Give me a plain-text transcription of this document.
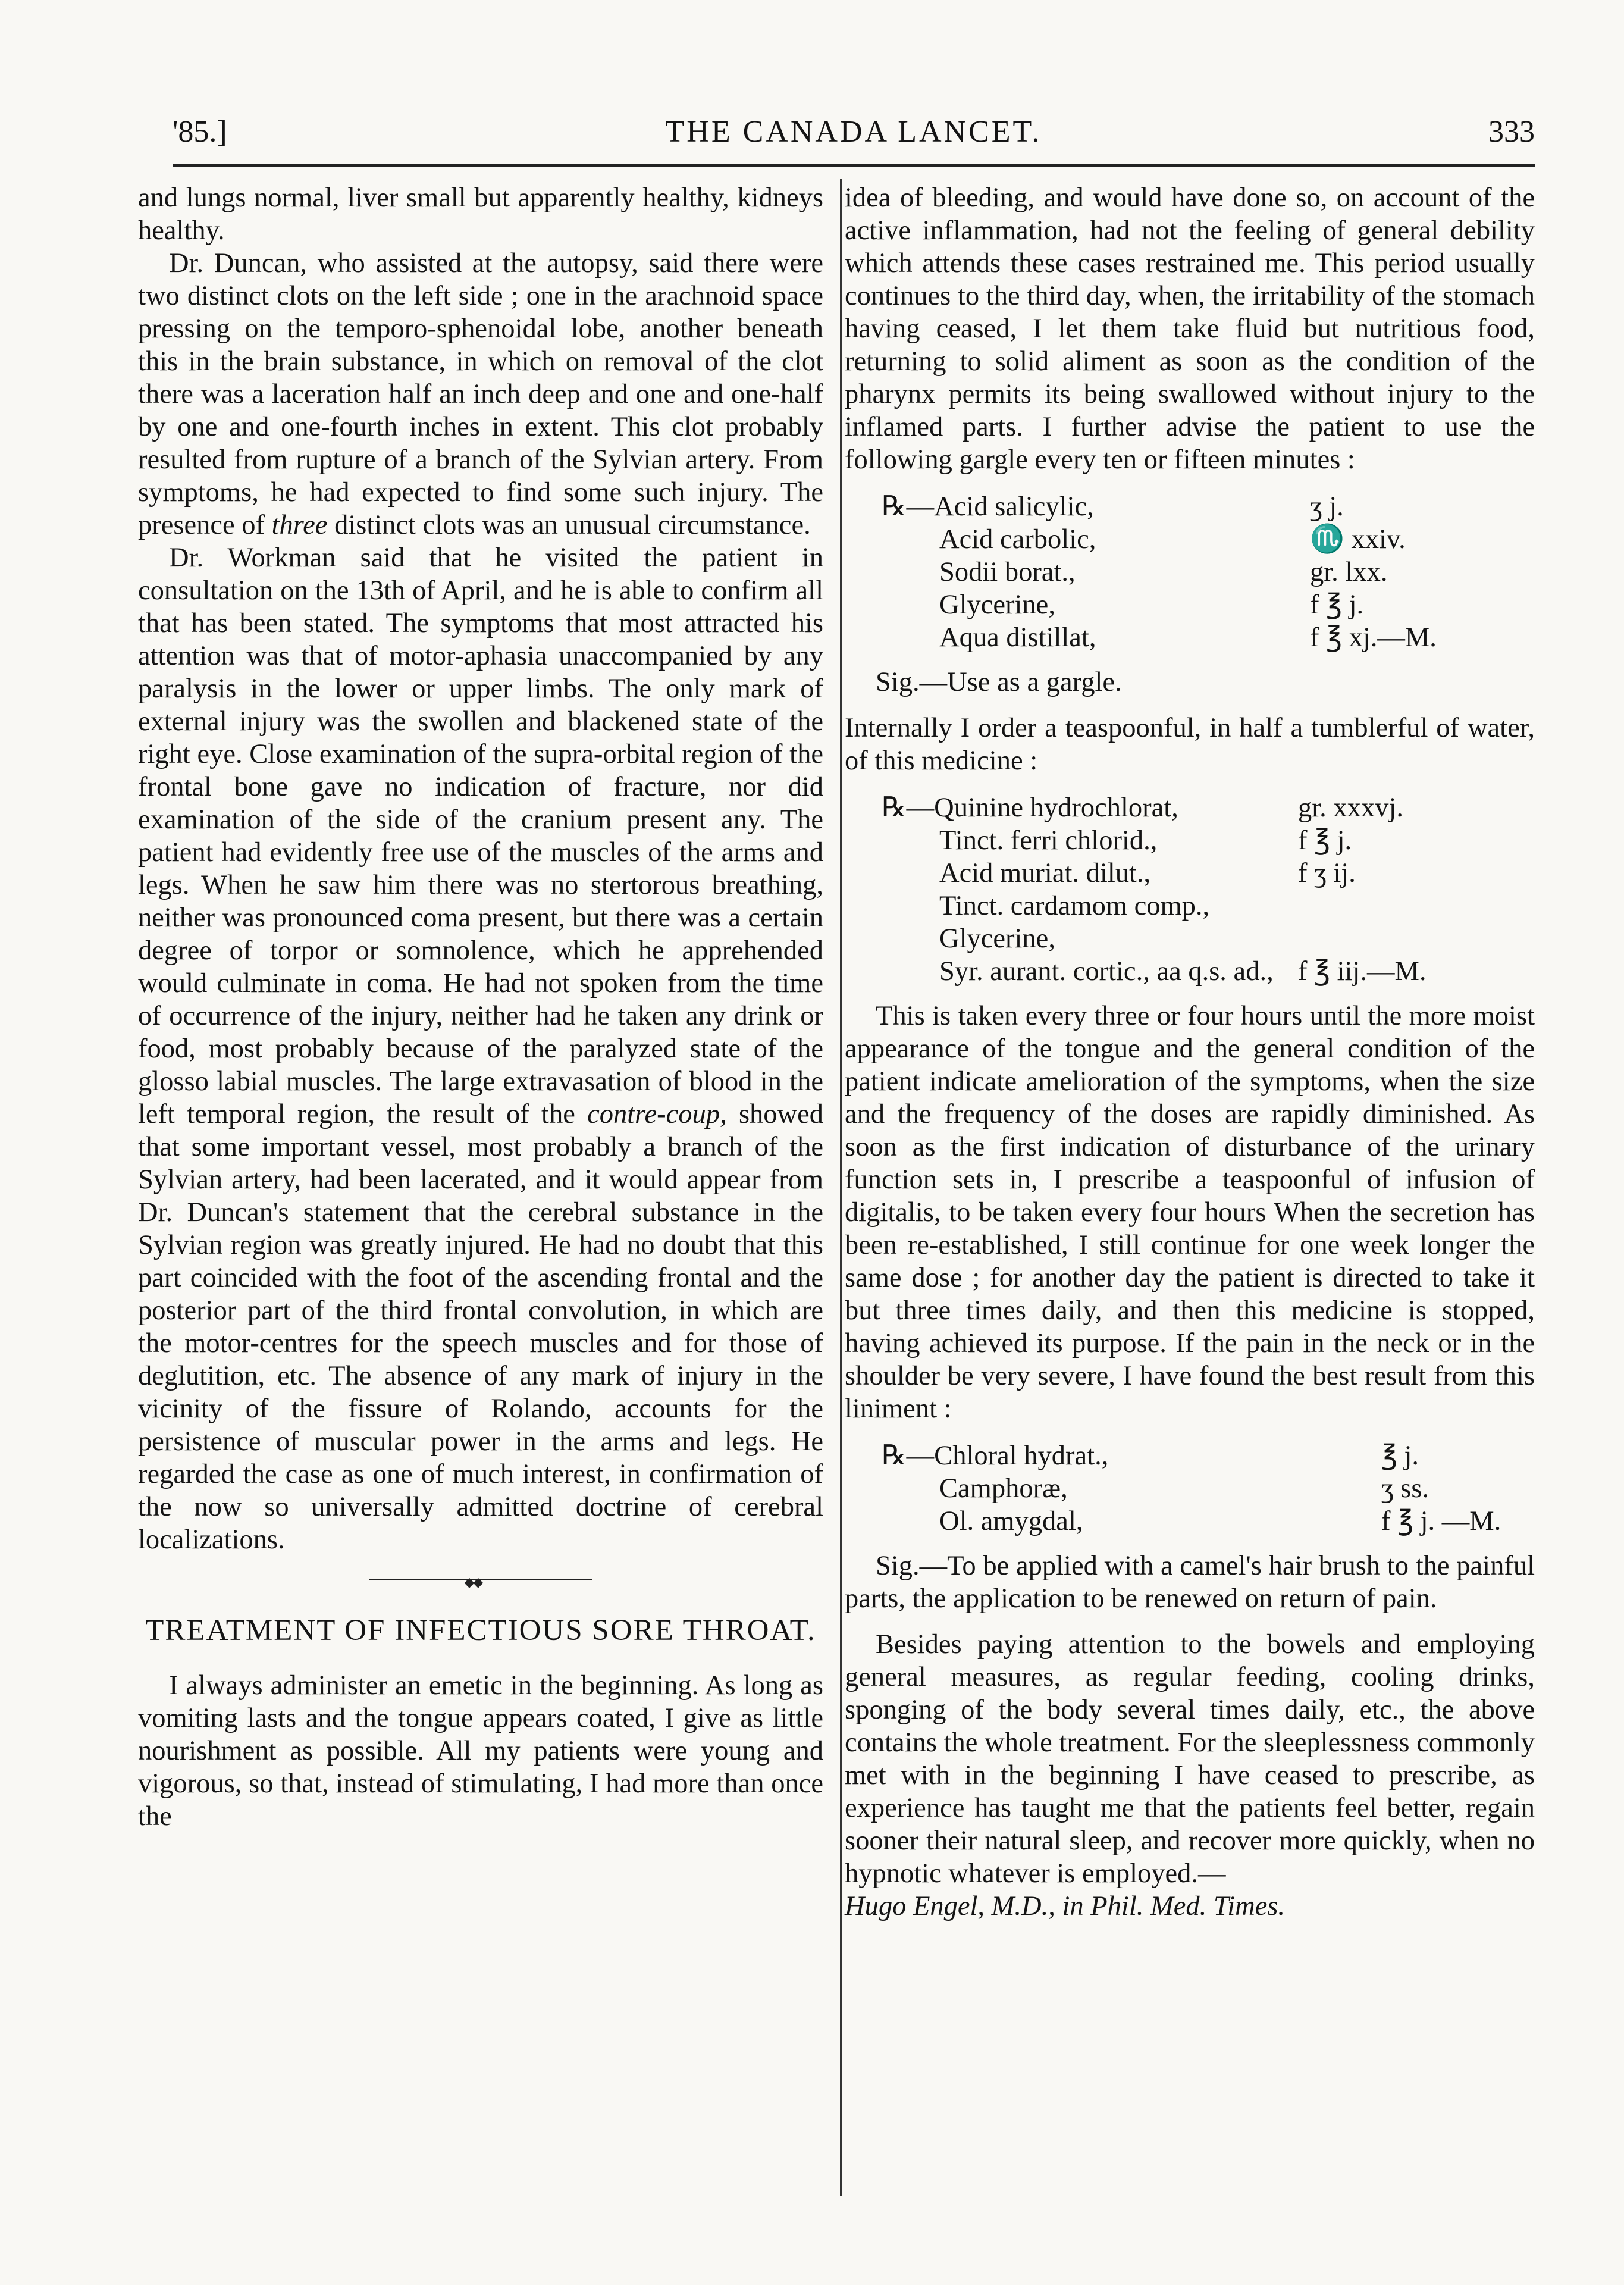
'85.]	THE CANADA LANCET.	333

and lungs normal, liver small but apparently healthy, kidneys healthy.

Dr. Duncan, who assisted at the autopsy, said there were two distinct clots on the left side ; one in the arachnoid space pressing on the temporo-sphenoidal lobe, another beneath this in the brain substance, in which on removal of the clot there was a laceration half an inch deep and one and one-half by one and one-fourth inches in extent. This clot probably resulted from rupture of a branch of the Sylvian artery. From symptoms, he had expected to find some such injury. The presence of three distinct clots was an unusual circumstance.

Dr. Workman said that he visited the patient in consultation on the 13th of April, and he is able to confirm all that has been stated. The symptoms that most attracted his attention was that of motor-aphasia unaccompanied by any paralysis in the lower or upper limbs. The only mark of external injury was the swollen and blackened state of the right eye. Close examination of the supra-orbital region of the frontal bone gave no indication of fracture, nor did examination of the side of the cranium present any. The patient had evidently free use of the muscles of the arms and legs. When he saw him there was no stertorous breathing, neither was pronounced coma present, but there was a certain degree of torpor or somnolence, which he apprehended would culminate in coma. He had not spoken from the time of occurrence of the injury, neither had he taken any drink or food, most probably because of the paralyzed state of the glosso labial muscles. The large extravasation of blood in the left temporal region, the result of the contre-coup, showed that some important vessel, most probably a branch of the Sylvian artery, had been lacerated, and it would appear from Dr. Duncan's statement that the cerebral substance in the Sylvian region was greatly injured. He had no doubt that this part coincided with the foot of the ascending frontal and the posterior part of the third frontal convolution, in which are the motor-centres for the speech muscles and for those of deglutition, etc. The absence of any mark of injury in the vicinity of the fissure of Rolando, accounts for the persistence of muscular power in the arms and legs. He regarded the case as one of much interest, in confirmation of the now so universally admitted doctrine of cerebral localizations.

◆◆
TREATMENT OF INFECTIOUS SORE THROAT.

I always administer an emetic in the beginning. As long as vomiting lasts and the tongue appears coated, I give as little nourishment as possible. All my patients were young and vigorous, so that, instead of stimulating, I had more than once the

idea of bleeding, and would have done so, on account of the active inflammation, had not the feeling of general debility which attends these cases restrained me. This period usually continues to the third day, when, the irritability of the stomach having ceased, I let them take fluid but nutritious food, returning to solid aliment as soon as the condition of the pharynx permits its being swallowed without injury to the inflamed parts. I further advise the patient to use the following gargle every ten or fifteen minutes :

℞—Acid salicylic,	ʒ j.
Acid carbolic,	♏ xxiv.
Sodii borat.,	gr. lxx.
Glycerine,	f ℥ j.
Aqua distillat,	f ℥ xj.—M.

Sig.—Use as a gargle.

Internally I order a teaspoonful, in half a tumblerful of water, of this medicine :

℞—Quinine hydrochlorat,	gr. xxxvj.
Tinct. ferri chlorid.,	f ℥ j.
Acid muriat. dilut.,	f ʒ ij.
Tinct. cardamom comp.,
Glycerine,
Syr. aurant. cortic., aa q.s. ad., f ℥ iij.—M.

This is taken every three or four hours until the more moist appearance of the tongue and the general condition of the patient indicate amelioration of the symptoms, when the size and the frequency of the doses are rapidly diminished. As soon as the first indication of disturbance of the urinary function sets in, I prescribe a teaspoonful of infusion of digitalis, to be taken every four hours When the secretion has been re-established, I still continue for one week longer the same dose ; for another day the patient is directed to take it but three times daily, and then this medicine is stopped, having achieved its purpose. If the pain in the neck or in the shoulder be very severe, I have found the best result from this liniment :

℞—Chloral hydrat.,	℥ j.
Camphoræ,	ʒ ss.
Ol. amygdal,	f ℥ j. —M.

Sig.—To be applied with a camel's hair brush to the painful parts, the application to be renewed on return of pain.

Besides paying attention to the bowels and employing general measures, as regular feeding, cooling drinks, sponging of the body several times daily, etc., the above contains the whole treatment. For the sleeplessness commonly met with in the beginning I have ceased to prescribe, as experience has taught me that the patients feel better, regain sooner their natural sleep, and recover more quickly, when no hypnotic whatever is employed.—

Hugo Engel, M.D., in Phil. Med. Times.
